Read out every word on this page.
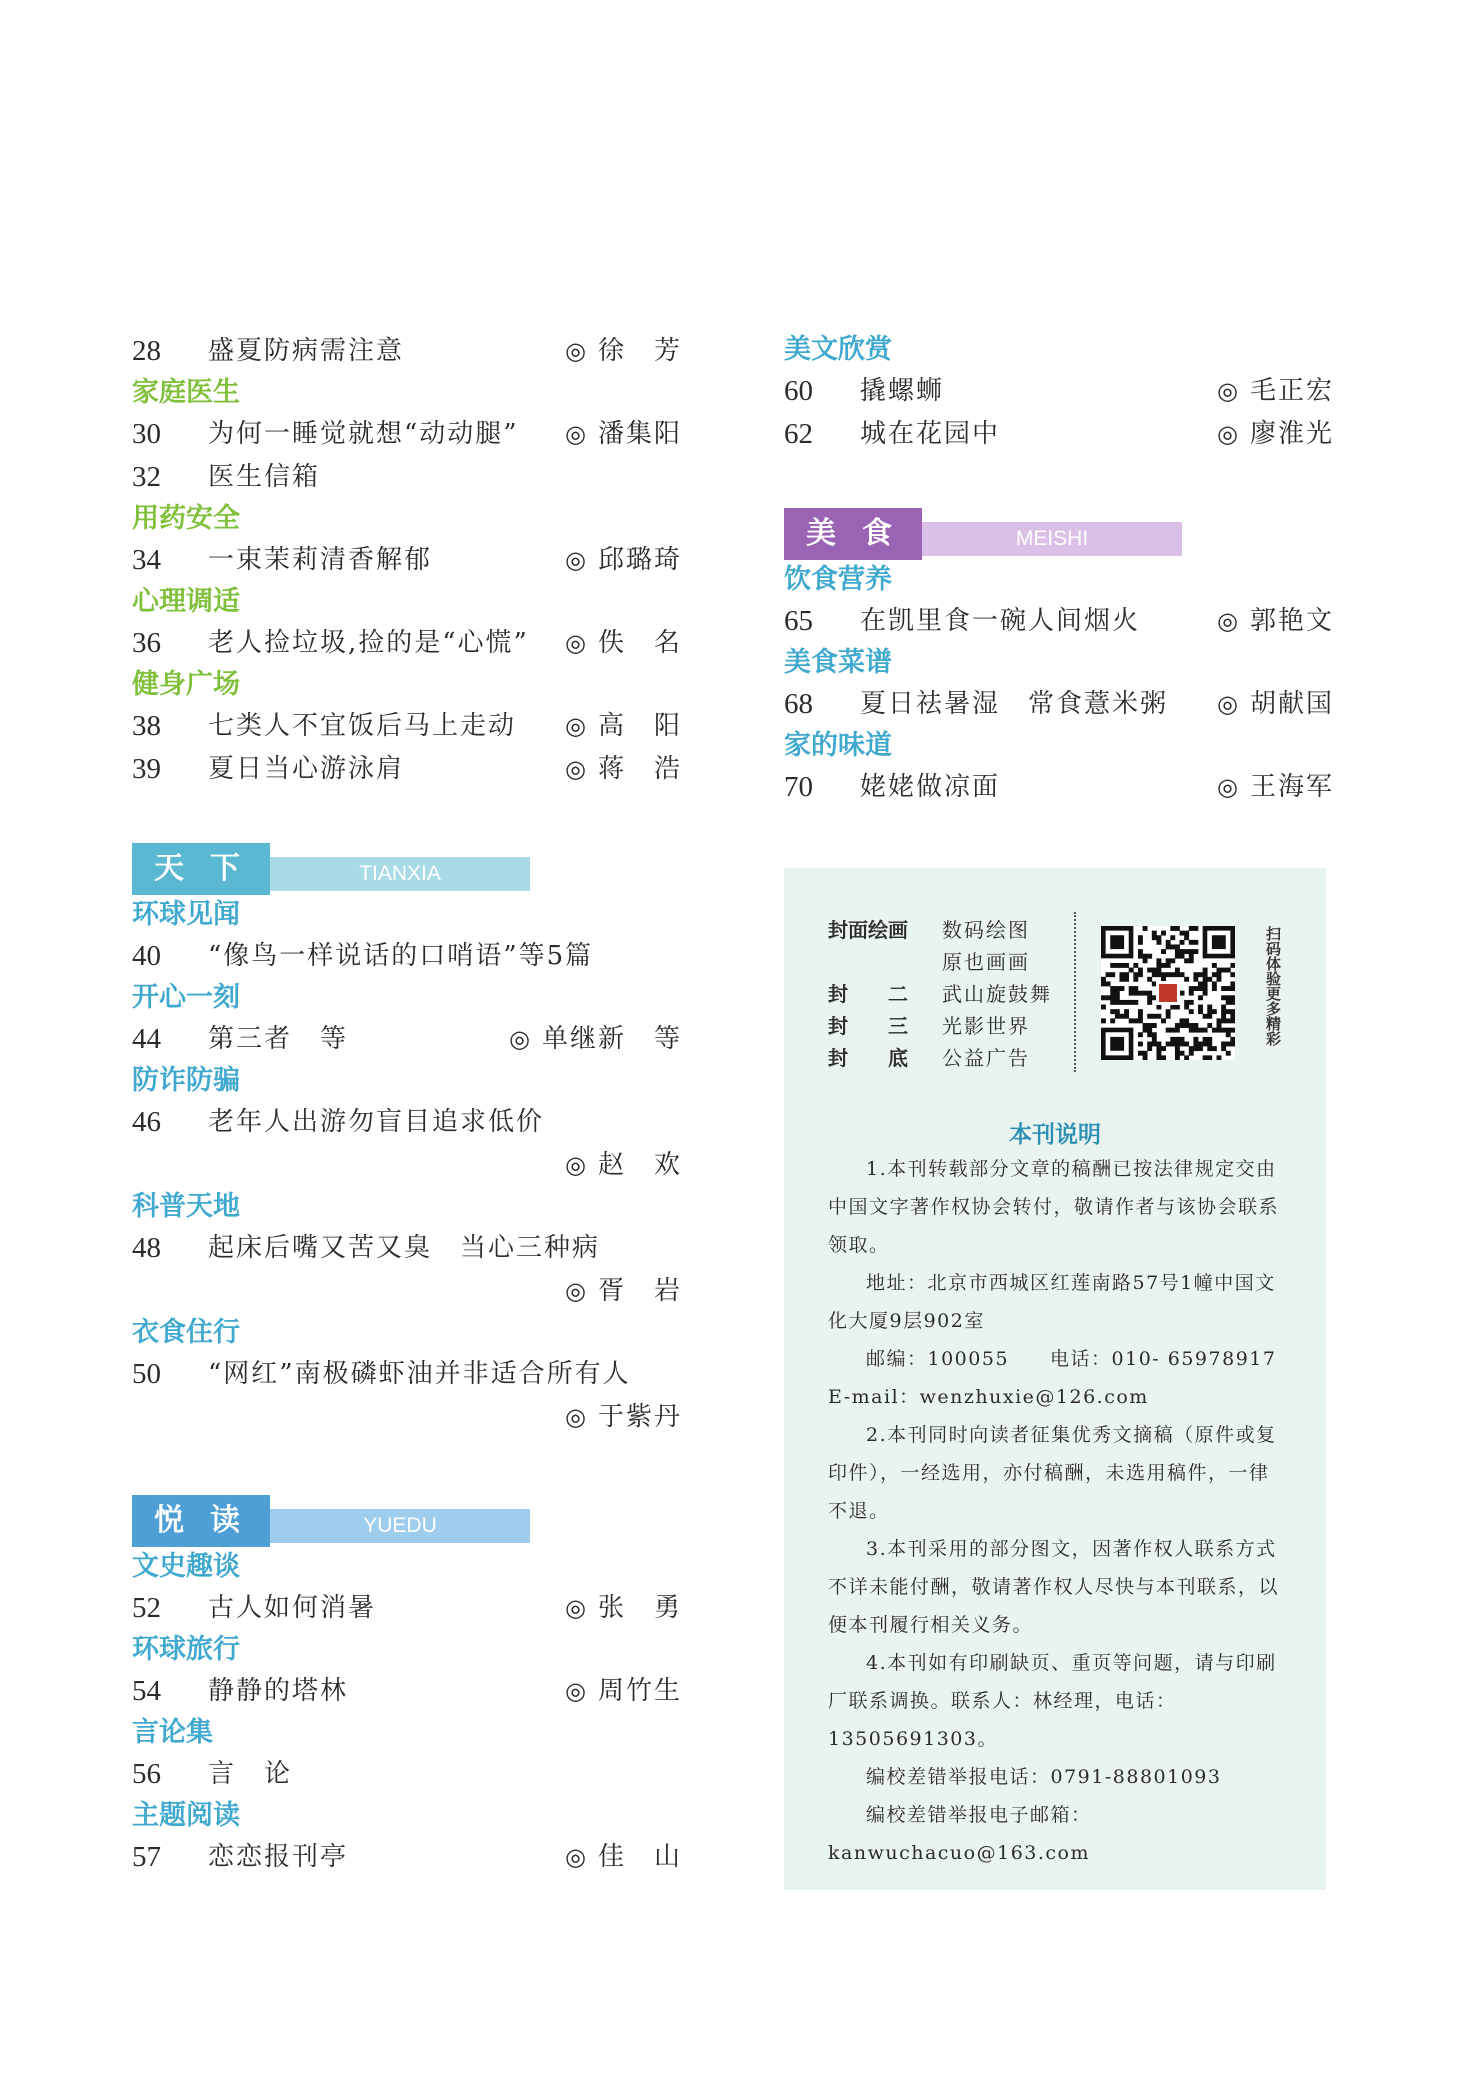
28 盛夏防病需注意	◎ 徐　芳
家庭医生
30 为何一睡觉就想“动动腿” ◎ 潘集阳
32 医生信箱
用药安全
34 一束茉莉清香解郁	◎ 邱璐琦
心理调适
36 老人捡垃圾,捡的是“心慌” ◎ 佚　名
健身广场
38 七类人不宜饭后马上走动 ◎ 高　阳
39 夏日当心游泳肩	◎ 蒋　浩
TIANXIA
天下
环球见闻
40 “像鸟一样说话的口哨语”等5篇
开心一刻
44 第三者　等	◎ 单继新　等
防诈防骗
46 老年人出游勿盲目追求低价
◎ 赵　欢
科普天地
48 起床后嘴又苦又臭　当心三种病
◎ 胥　岩
衣食住行
50 “网红”南极磷虾油并非适合所有人
◎ 于紫丹
YUEDU
悦读
文史趣谈
52 古人如何消暑	◎ 张　勇
环球旅行
54 静静的塔林	◎ 周竹生
言论集
56 言　论
主题阅读
57 恋恋报刊亭	◎ 佳　山
美文欣赏
60 撬螺蛳	◎ 毛正宏
62 城在花园中	◎ 廖淮光
MEISHI
美食
饮食营养
65 在凯里食一碗人间烟火	◎ 郭艳文
美食菜谱
68 夏日祛暑湿　常食薏米粥 ◎ 胡献国
家的味道
70 姥姥做凉面	◎ 王海军
封面绘画 数码绘图
原也画画
封　　二 武山旋鼓舞
封　　三 光影世界
封　　底 公益广告
扫码体验更多精彩
本刊说明

1.本刊转载部分文章的稿酬已按法律规定交由中国文字著作权协会转付，敬请作者与该协会联系领取。

地址：北京市西城区红莲南路57号1幢中国文化大厦9层902室

邮编：100055　　电话：010- 65978917

E-mail：wenzhuxie@126.com

2.本刊同时向读者征集优秀文摘稿（原件或复印件），一经选用，亦付稿酬，未选用稿件，一律不退。

3.本刊采用的部分图文，因著作权人联系方式不详未能付酬，敬请著作权人尽快与本刊联系，以便本刊履行相关义务。

4.本刊如有印刷缺页、重页等问题，请与印刷厂联系调换。联系人：林经理，电话：13505691303。

编校差错举报电话：0791-88801093

编校差错举报电子邮箱：kanwuchacuo@163.com
